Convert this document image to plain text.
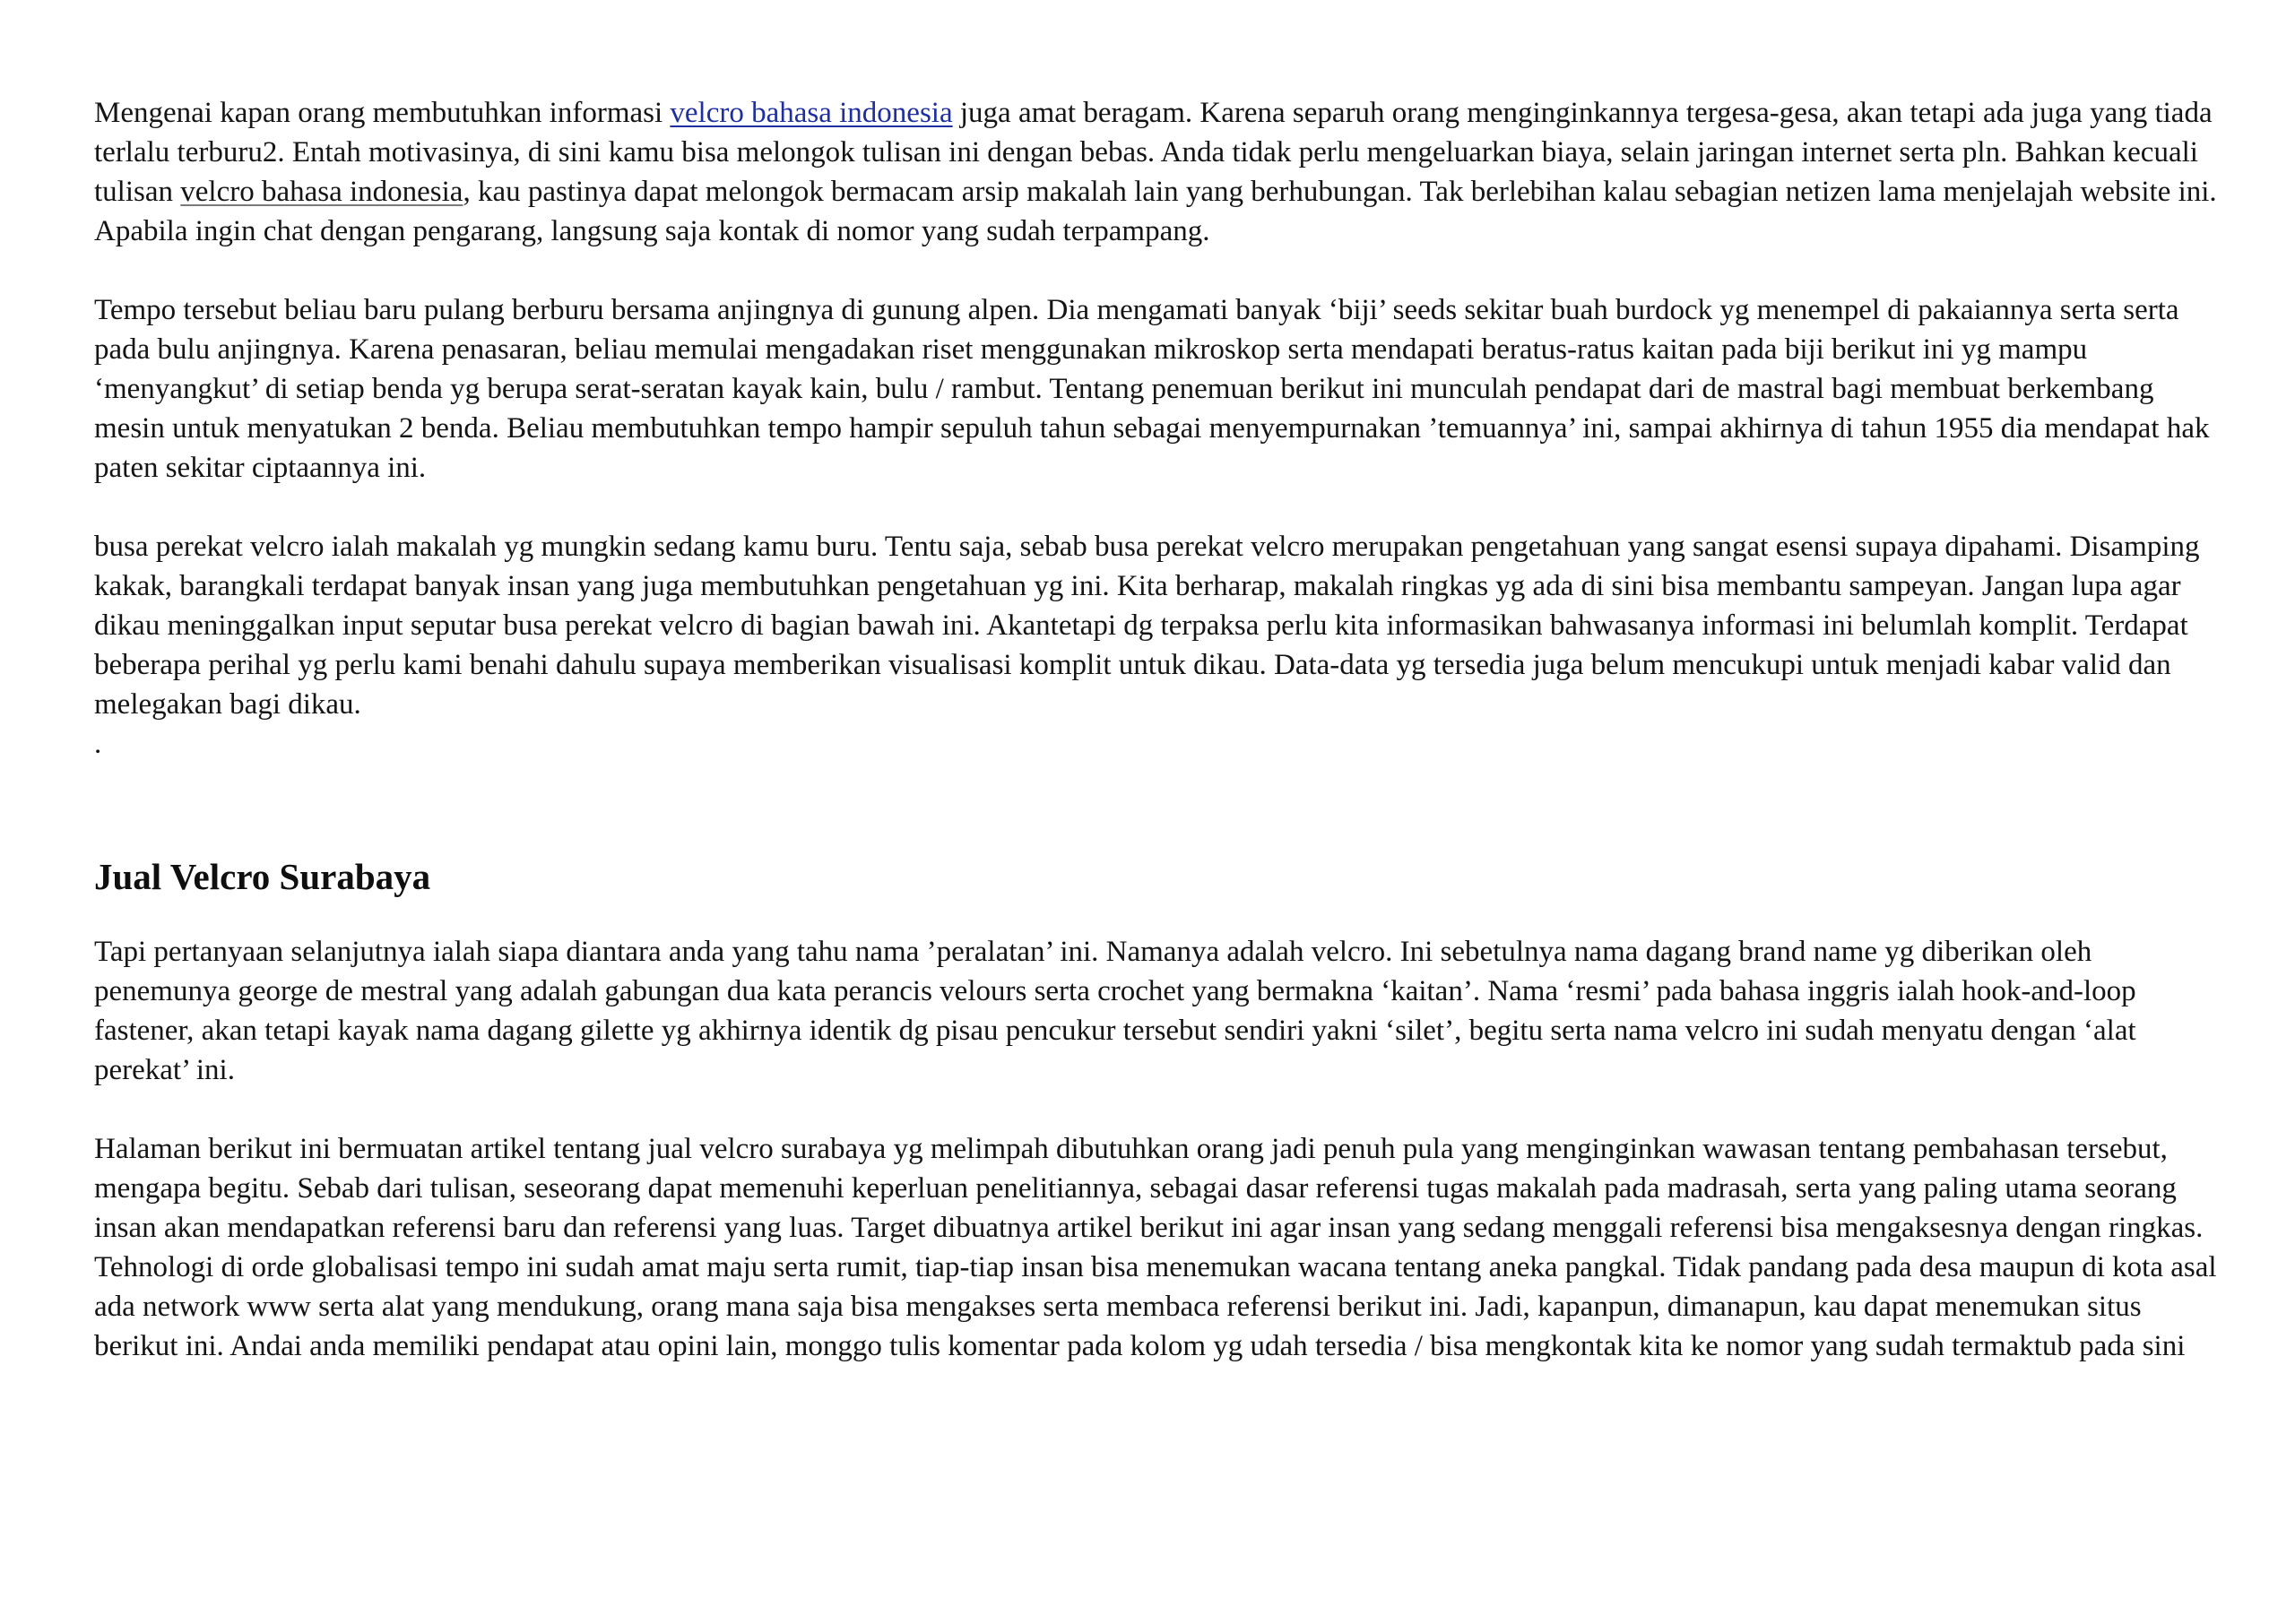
Mengenai kapan orang membutuhkan informasi velcro bahasa indonesia juga amat beragam. Karena separuh orang menginginkannya tergesa-gesa, akan tetapi ada juga yang tiada terlalu terburu2. Entah motivasinya, di sini kamu bisa melongok tulisan ini dengan bebas. Anda tidak perlu mengeluarkan biaya, selain jaringan internet serta pln. Bahkan kecuali tulisan velcro bahasa indonesia, kau pastinya dapat melongok bermacam arsip makalah lain yang berhubungan. Tak berlebihan kalau sebagian netizen lama menjelajah website ini. Apabila ingin chat dengan pengarang, langsung saja kontak di nomor yang sudah terpampang.

Tempo tersebut beliau baru pulang berburu bersama anjingnya di gunung alpen. Dia mengamati banyak ‘biji’ seeds sekitar buah burdock yg menempel di pakaiannya serta serta pada bulu anjingnya. Karena penasaran, beliau memulai mengadakan riset menggunakan mikroskop serta mendapati beratus-ratus kaitan pada biji berikut ini yg mampu ‘menyangkut’ di setiap benda yg berupa serat-seratan kayak kain, bulu / rambut. Tentang penemuan berikut ini munculah pendapat dari de mastral bagi membuat berkembang mesin untuk menyatukan 2 benda. Beliau membutuhkan tempo hampir sepuluh tahun sebagai menyempurnakan ’temuannya’ ini, sampai akhirnya di tahun 1955 dia mendapat hak paten sekitar ciptaannya ini.

busa perekat velcro ialah makalah yg mungkin sedang kamu buru. Tentu saja, sebab busa perekat velcro merupakan pengetahuan yang sangat esensi supaya dipahami. Disamping kakak, barangkali terdapat banyak insan yang juga membutuhkan pengetahuan yg ini. Kita berharap, makalah ringkas yg ada di sini bisa membantu sampeyan. Jangan lupa agar dikau meninggalkan input seputar busa perekat velcro di bagian bawah ini. Akantetapi dg terpaksa perlu kita informasikan bahwasanya informasi ini belumlah komplit. Terdapat beberapa perihal yg perlu kami benahi dahulu supaya memberikan visualisasi komplit untuk dikau. Data-data yg tersedia juga belum mencukupi untuk menjadi kabar valid dan melegakan bagi dikau.

.

Jual Velcro Surabaya

Tapi pertanyaan selanjutnya ialah siapa diantara anda yang tahu nama ’peralatan’ ini. Namanya adalah velcro. Ini sebetulnya nama dagang brand name yg diberikan oleh penemunya george de mestral yang adalah gabungan dua kata perancis velours serta crochet yang bermakna ‘kaitan’. Nama ‘resmi’ pada bahasa inggris ialah hook-and-loop fastener, akan tetapi kayak nama dagang gilette yg akhirnya identik dg pisau pencukur tersebut sendiri yakni ‘silet’, begitu serta nama velcro ini sudah menyatu dengan ‘alat perekat’ ini.

Halaman berikut ini bermuatan artikel tentang jual velcro surabaya yg melimpah dibutuhkan orang jadi penuh pula yang menginginkan wawasan tentang pembahasan tersebut, mengapa begitu. Sebab dari tulisan, seseorang dapat memenuhi keperluan penelitiannya, sebagai dasar referensi tugas makalah pada madrasah, serta yang paling utama seorang insan akan mendapatkan referensi baru dan referensi yang luas. Target dibuatnya artikel berikut ini agar insan yang sedang menggali referensi bisa mengaksesnya dengan ringkas. Tehnologi di orde globalisasi tempo ini sudah amat maju serta rumit, tiap-tiap insan bisa menemukan wacana tentang aneka pangkal. Tidak pandang pada desa maupun di kota asal ada network www serta alat yang mendukung, orang mana saja bisa mengakses serta membaca referensi berikut ini. Jadi, kapanpun, dimanapun, kau dapat menemukan situs berikut ini. Andai anda memiliki pendapat atau opini lain, monggo tulis komentar pada kolom yg udah tersedia / bisa mengkontak kita ke nomor yang sudah termaktub pada sini
